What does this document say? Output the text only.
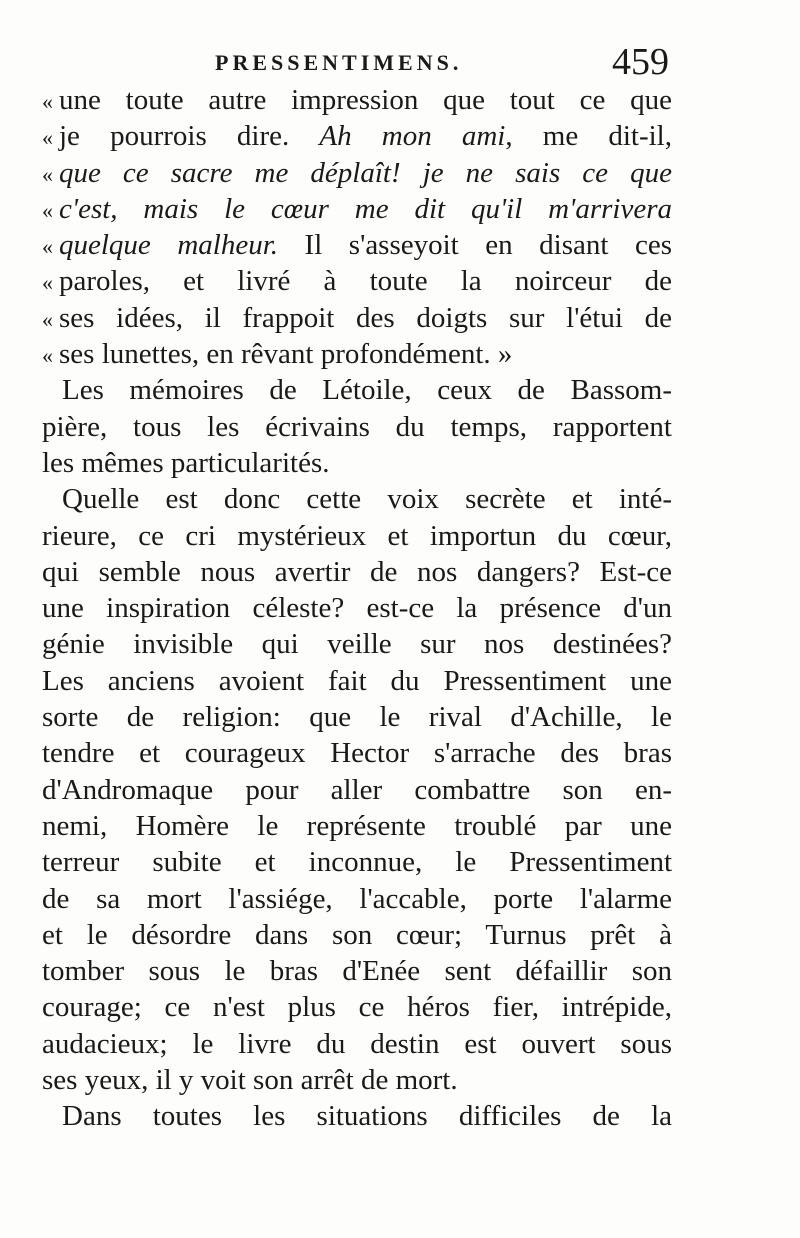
PRESSENTIMENS.	459
« une toute autre impression que tout ce que
« je pourrois dire. Ah mon ami, me dit-il,
« que ce sacre me déplaît! je ne sais ce que
« c'est, mais le cœur me dit qu'il m'arrivera
« quelque malheur. Il s'asseyoit en disant ces
« paroles, et livré à toute la noirceur de
« ses idées, il frappoit des doigts sur l'étui de
« ses lunettes, en rêvant profondément. »
Les mémoires de Létoile, ceux de Bassom-
pière, tous les écrivains du temps, rapportent
les mêmes particularités.
Quelle est donc cette voix secrète et inté-
rieure, ce cri mystérieux et importun du cœur,
qui semble nous avertir de nos dangers? Est-ce
une inspiration céleste? est-ce la présence d'un
génie invisible qui veille sur nos destinées?
Les anciens avoient fait du Pressentiment une
sorte de religion: que le rival d'Achille, le
tendre et courageux Hector s'arrache des bras
d'Andromaque pour aller combattre son en-
nemi, Homère le représente troublé par une
terreur subite et inconnue, le Pressentiment
de sa mort l'assiége, l'accable, porte l'alarme
et le désordre dans son cœur; Turnus prêt à
tomber sous le bras d'Enée sent défaillir son
courage; ce n'est plus ce héros fier, intrépide,
audacieux; le livre du destin est ouvert sous
ses yeux, il y voit son arrêt de mort.
Dans toutes les situations difficiles de la
